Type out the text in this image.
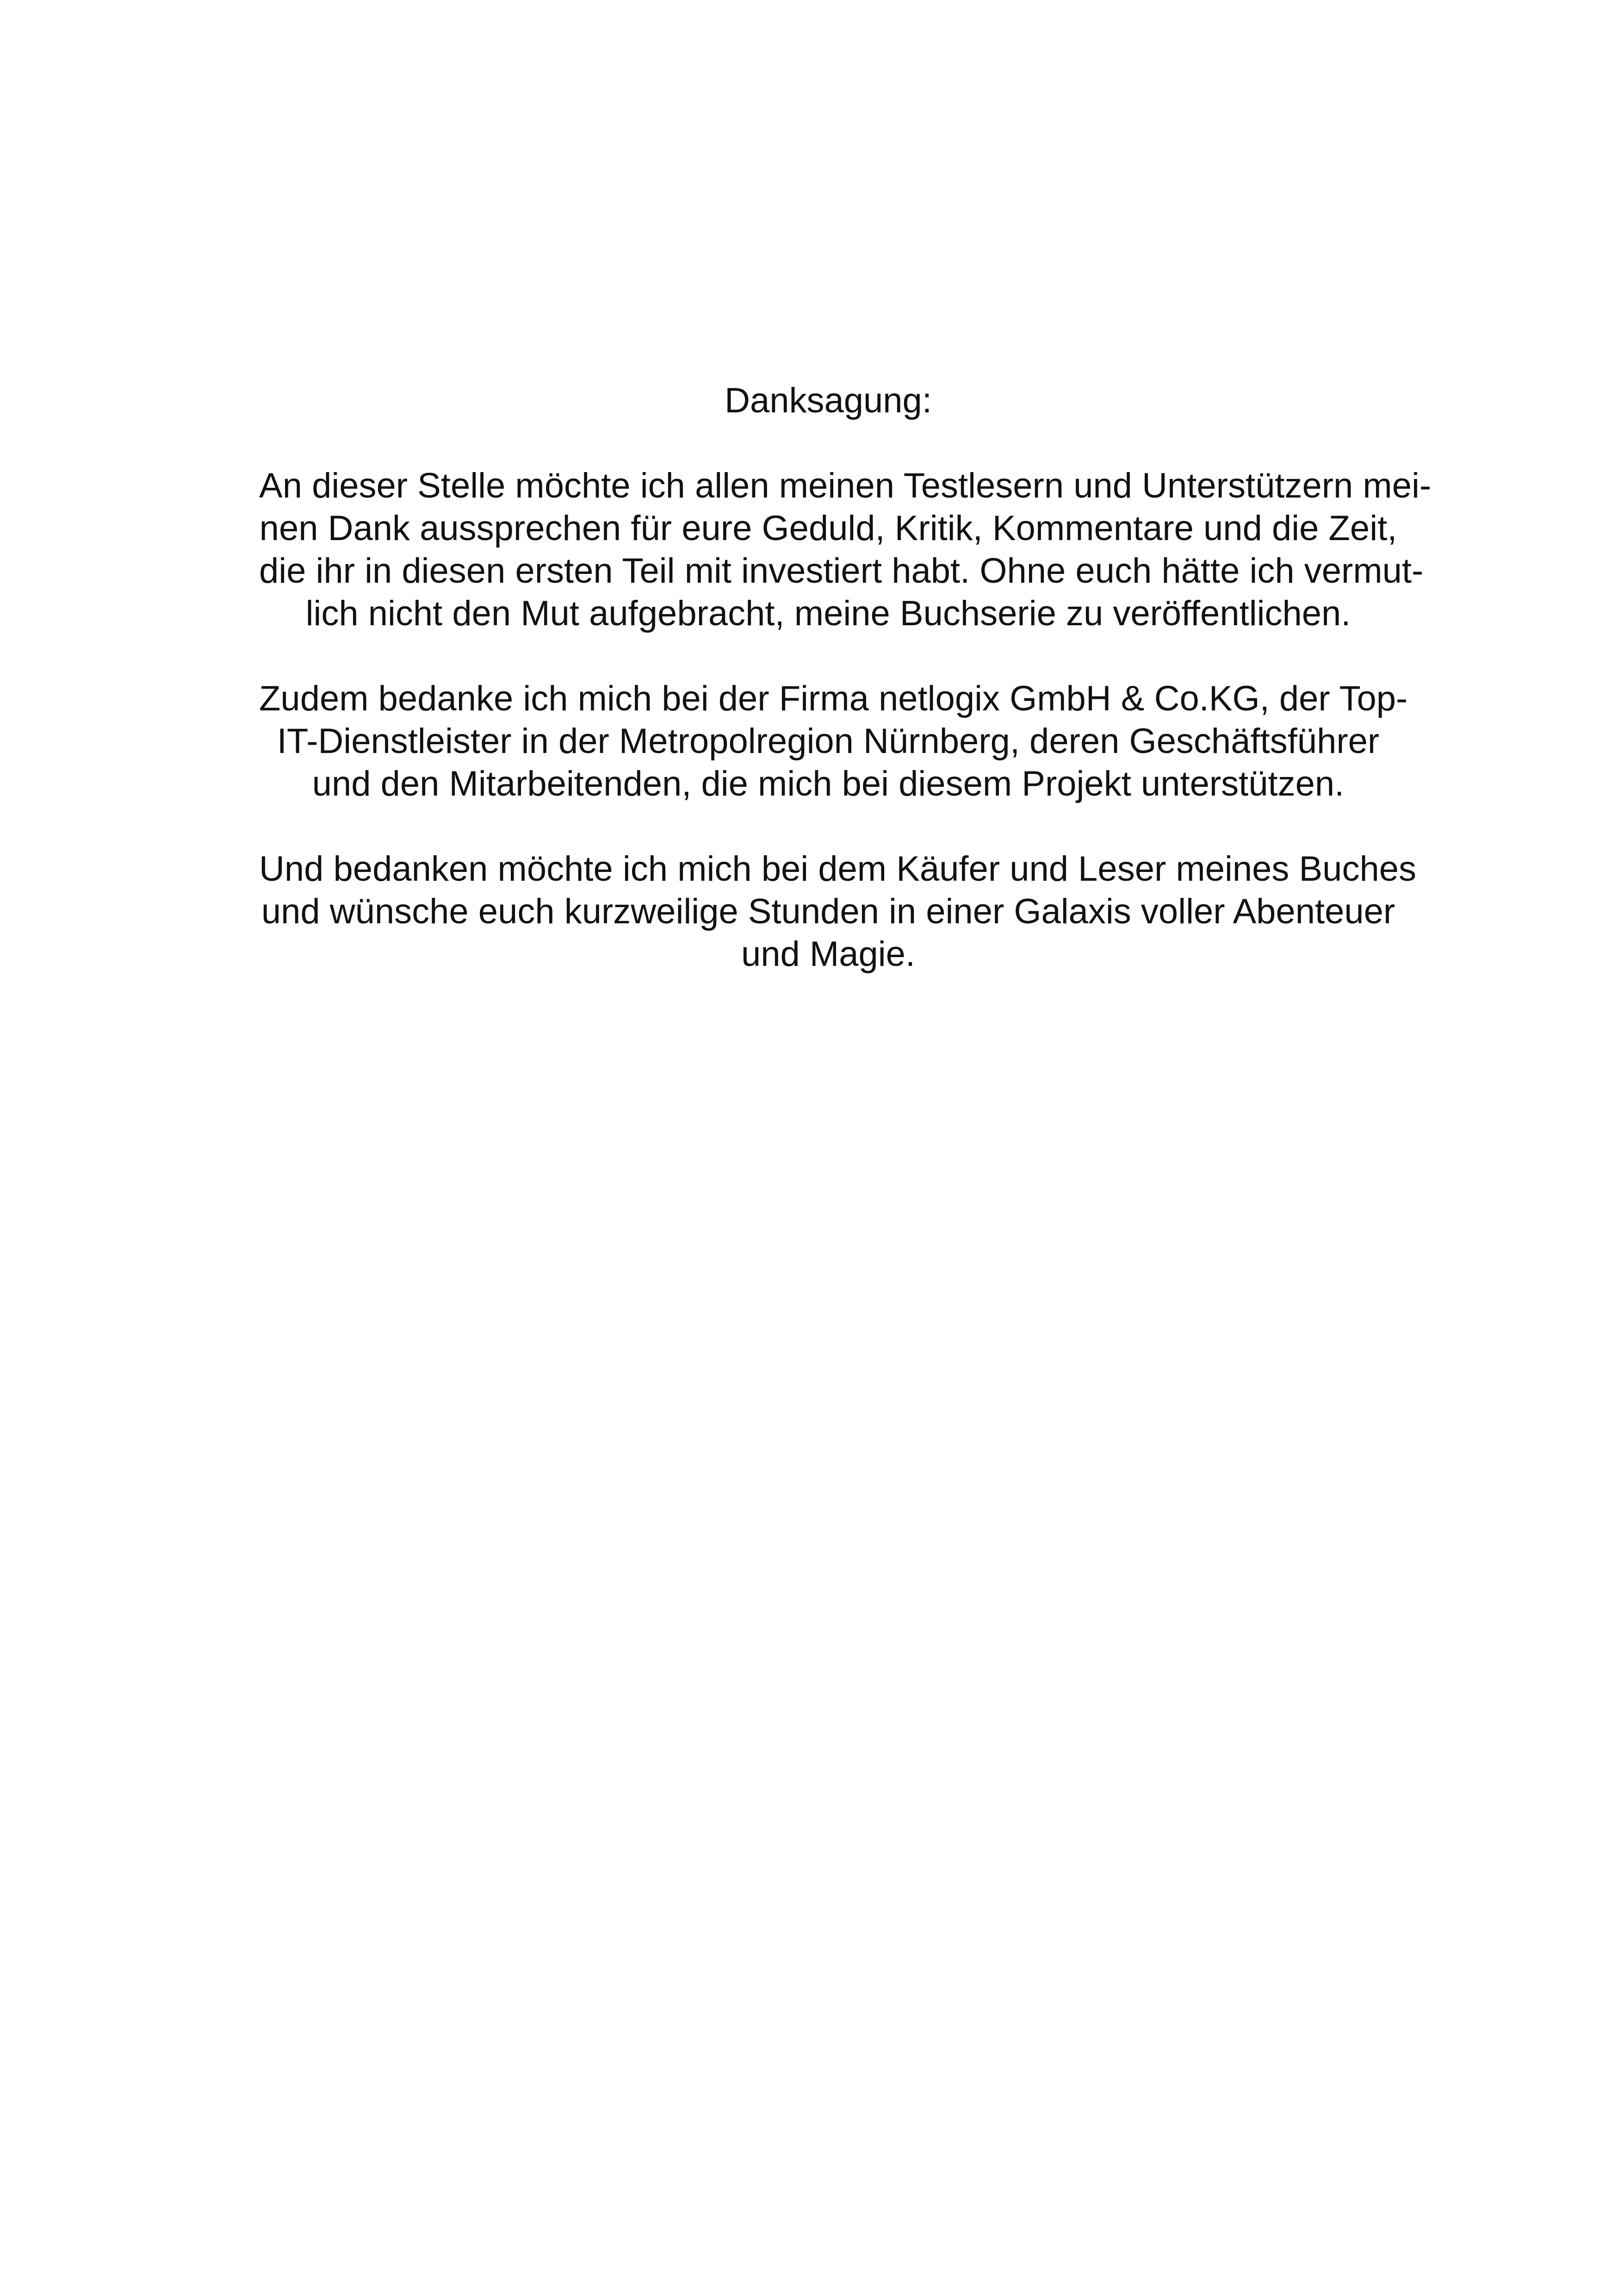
Danksagung:

An dieser Stelle möchte ich allen meinen Testlesern und Unterstützern mei-
nen Dank aussprechen für eure Geduld, Kritik, Kommentare und die Zeit,
die ihr in diesen ersten Teil mit investiert habt. Ohne euch hätte ich vermut-
lich nicht den Mut aufgebracht, meine Buchserie zu veröffentlichen.

Zudem bedanke ich mich bei der Firma netlogix GmbH & Co.KG, der Top-
IT-Dienstleister in der Metropolregion Nürnberg, deren Geschäftsführer
und den Mitarbeitenden, die mich bei diesem Projekt unterstützen.

Und bedanken möchte ich mich bei dem Käufer und Leser meines Buches
und wünsche euch kurzweilige Stunden in einer Galaxis voller Abenteuer
und Magie.
